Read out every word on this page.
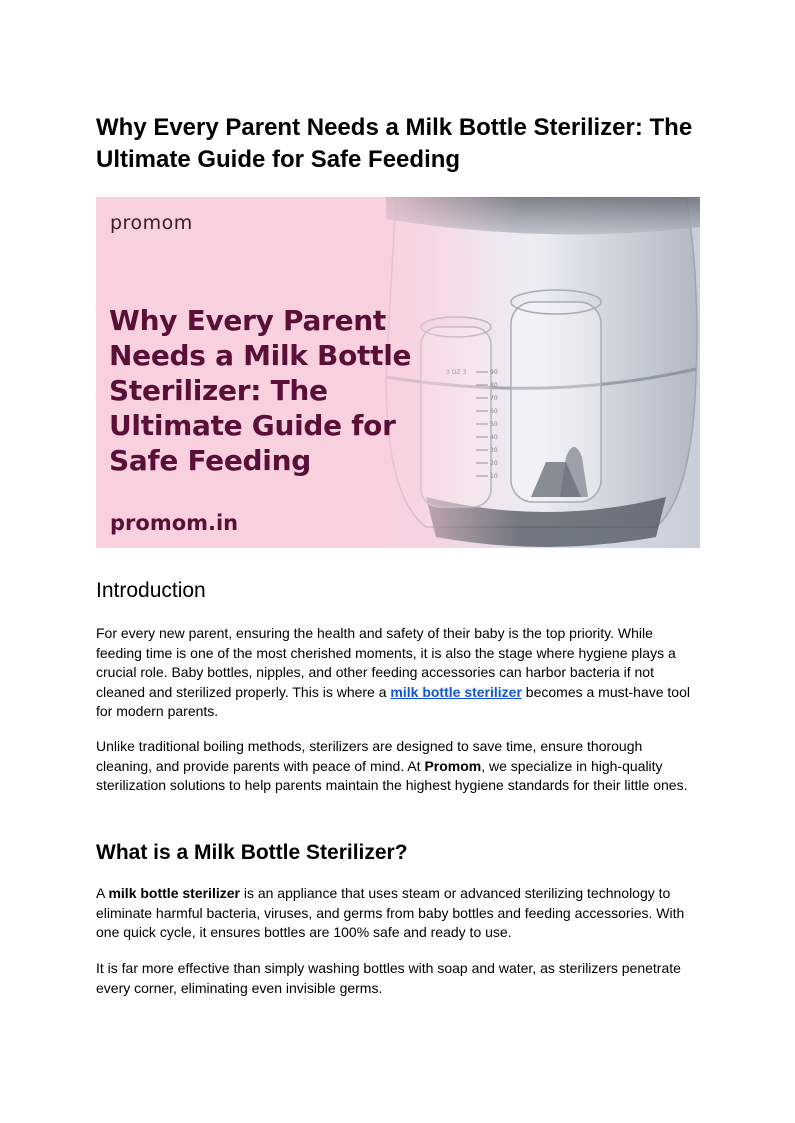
Why Every Parent Needs a Milk Bottle Sterilizer: The Ultimate Guide for Safe Feeding
promom
Why Every Parent Needs a Milk Bottle Sterilizer: The Ultimate Guide for Safe Feeding
promom.in
Introduction

For every new parent, ensuring the health and safety of their baby is the top priority. While feeding time is one of the most cherished moments, it is also the stage where hygiene plays a crucial role. Baby bottles, nipples, and other feeding accessories can harbor bacteria if not cleaned and sterilized properly. This is where a milk bottle sterilizer becomes a must-have tool for modern parents.

Unlike traditional boiling methods, sterilizers are designed to save time, ensure thorough cleaning, and provide parents with peace of mind. At Promom, we specialize in high-quality sterilization solutions to help parents maintain the highest hygiene standards for their little ones.

What is a Milk Bottle Sterilizer?

A milk bottle sterilizer is an appliance that uses steam or advanced sterilizing technology to eliminate harmful bacteria, viruses, and germs from baby bottles and feeding accessories. With one quick cycle, it ensures bottles are 100% safe and ready to use.

It is far more effective than simply washing bottles with soap and water, as sterilizers penetrate every corner, eliminating even invisible germs.
